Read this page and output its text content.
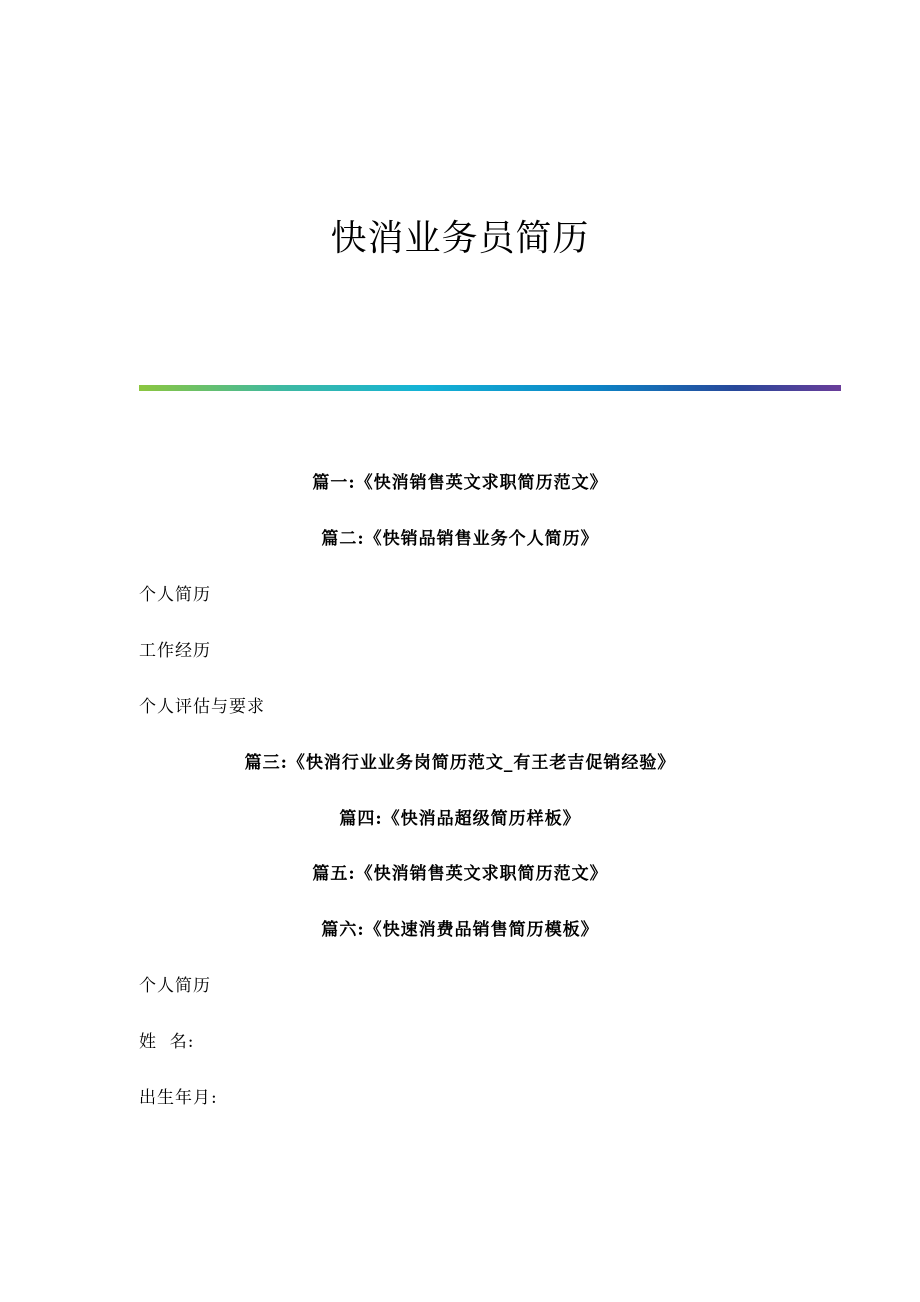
快消业务员简历

篇一:《快消销售英文求职简历范文》

篇二:《快销品销售业务个人简历》

个人简历

工作经历

个人评估与要求

篇三:《快消行业业务岗简历范文_有王老吉促销经验》

篇四:《快消品超级简历样板》

篇五:《快消销售英文求职简历范文》

篇六:《快速消费品销售简历模板》

个人简历

姓  名:

出生年月:
